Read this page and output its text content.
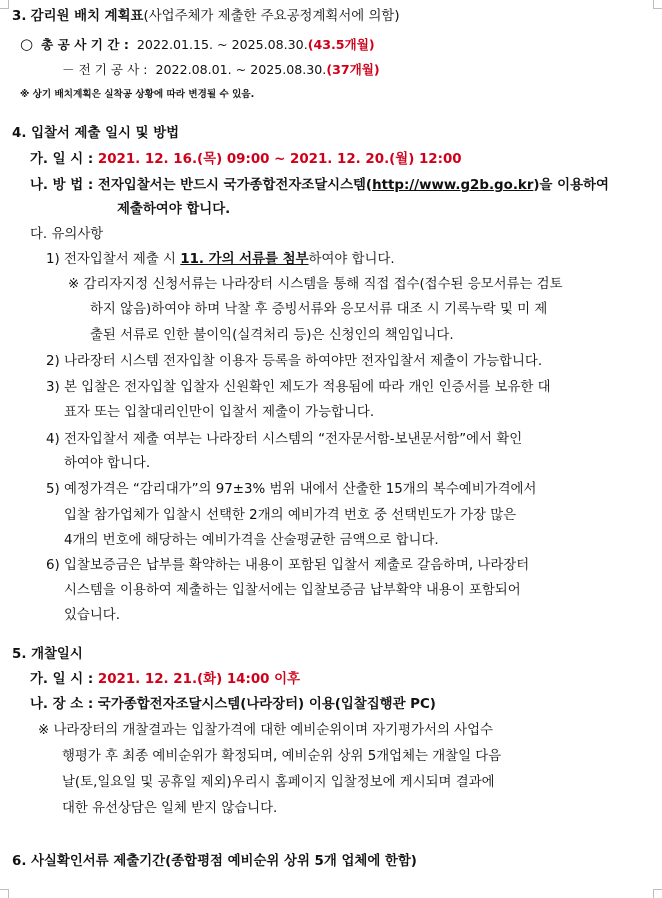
3. 감리원 배치 계획표(사업주체가 제출한 주요공정계획서에 의함)
○ 총 공 사 기 간 : 2022.01.15. ~ 2025.08.30.(43.5개월)
－ 전 기 공 사 : 2022.08.01. ~ 2025.08.30.(37개월)
※ 상기 배치계획은 실착공 상황에 따라 변경될 수 있음.
4. 입찰서 제출 일시 및 방법
가. 일 시 : 2021. 12. 16.(목) 09:00 ~ 2021. 12. 20.(월) 12:00
나. 방 법 : 전자입찰서는 반드시 국가종합전자조달시스템(http://www.g2b.go.kr)을 이용하여
제출하여야 합니다.
다. 유의사항
1) 전자입찰서 제출 시 11. 가의 서류를 첨부하여야 합니다.
※ 감리자지정 신청서류는 나라장터 시스템을 통해 직접 접수(접수된 응모서류는 검토
하지 않음)하여야 하며 낙찰 후 증빙서류와 응모서류 대조 시 기록누락 및 미 제
출된 서류로 인한 불이익(실격처리 등)은 신청인의 책임입니다.
2) 나라장터 시스템 전자입찰 이용자 등록을 하여야만 전자입찰서 제출이 가능합니다.
3) 본 입찰은 전자입찰 입찰자 신원확인 제도가 적용됨에 따라 개인 인증서를 보유한 대
표자 또는 입찰대리인만이 입찰서 제출이 가능합니다.
4) 전자입찰서 제출 여부는 나라장터 시스템의 “전자문서함-보낸문서함”에서 확인
하여야 합니다.
5) 예정가격은 “감리대가”의 97±3% 범위 내에서 산출한 15개의 복수예비가격에서
입찰 참가업체가 입찰시 선택한 2개의 예비가격 번호 중 선택빈도가 가장 많은
4개의 번호에 해당하는 예비가격을 산술평균한 금액으로 합니다.
6) 입찰보증금은 납부를 확약하는 내용이 포함된 입찰서 제출로 갈음하며, 나라장터
시스템을 이용하여 제출하는 입찰서에는 입찰보증금 납부확약 내용이 포함되어
있습니다.
5. 개찰일시
가. 일 시 : 2021. 12. 21.(화) 14:00 이후
나. 장 소 : 국가종합전자조달시스템(나라장터) 이용(입찰집행관 PC)
※ 나라장터의 개찰결과는 입찰가격에 대한 예비순위이며 자기평가서의 사업수
행평가 후 최종 예비순위가 확정되며, 예비순위 상위 5개업체는 개찰일 다음
날(토,일요일 및 공휴일 제외)우리시 홈페이지 입찰정보에 게시되며 결과에
대한 유선상담은 일체 받지 않습니다.
6. 사실확인서류 제출기간(종합평점 예비순위 상위 5개 업체에 한함)
